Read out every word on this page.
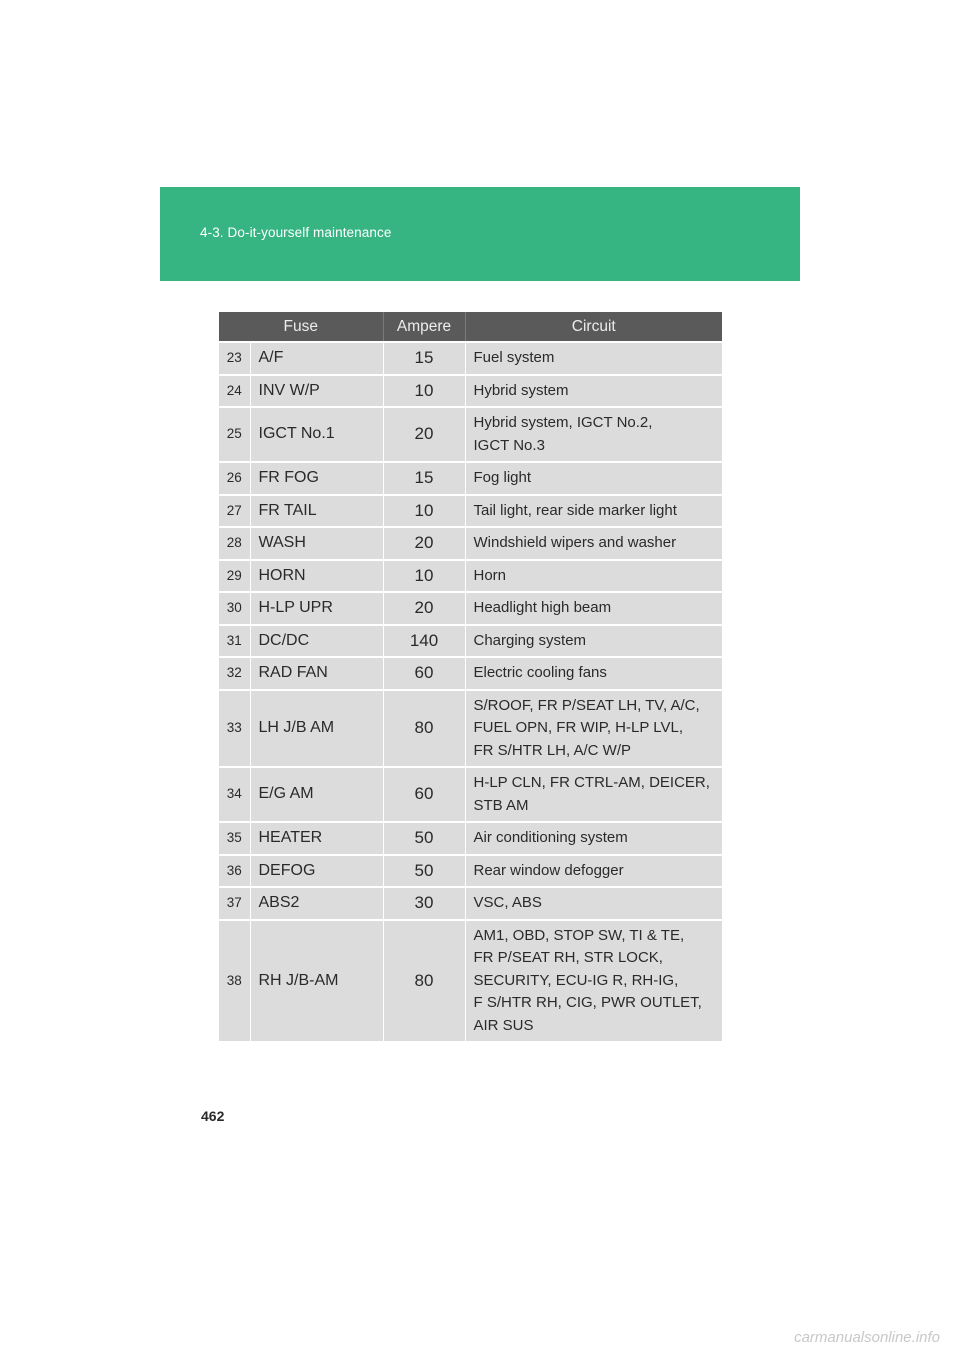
4-3. Do-it-yourself maintenance
Fuse		Ampere	Circuit
23	A/F	15	Fuel system

24	INV W/P	10	Hybrid system

25	IGCT No.1	20	Hybrid system, IGCT No.2,
IGCT No.3

26	FR FOG	15	Fog light

27	FR TAIL	10	Tail light, rear side marker light

28	WASH	20	Windshield wipers and washer

29	HORN	10	Horn

30	H-LP UPR	20	Headlight high beam

31	DC/DC	140	Charging system

32	RAD FAN	60	Electric cooling fans

33	LH J/B AM	80	S/ROOF, FR P/SEAT LH, TV, A/C,
FUEL OPN, FR WIP, H-LP LVL,
FR S/HTR LH, A/C W/P

34	E/G AM	60	H-LP CLN, FR CTRL-AM, DEICER,
STB AM

35	HEATER	50	Air conditioning system

36	DEFOG	50	Rear window defogger

37	ABS2	30	VSC, ABS

38	RH J/B-AM	80	AM1, OBD, STOP SW, TI & TE,
FR P/SEAT RH, STR LOCK,
SECURITY, ECU-IG R, RH-IG,
F S/HTR RH, CIG, PWR OUTLET,
AIR SUS
462
carmanualsonline.info
